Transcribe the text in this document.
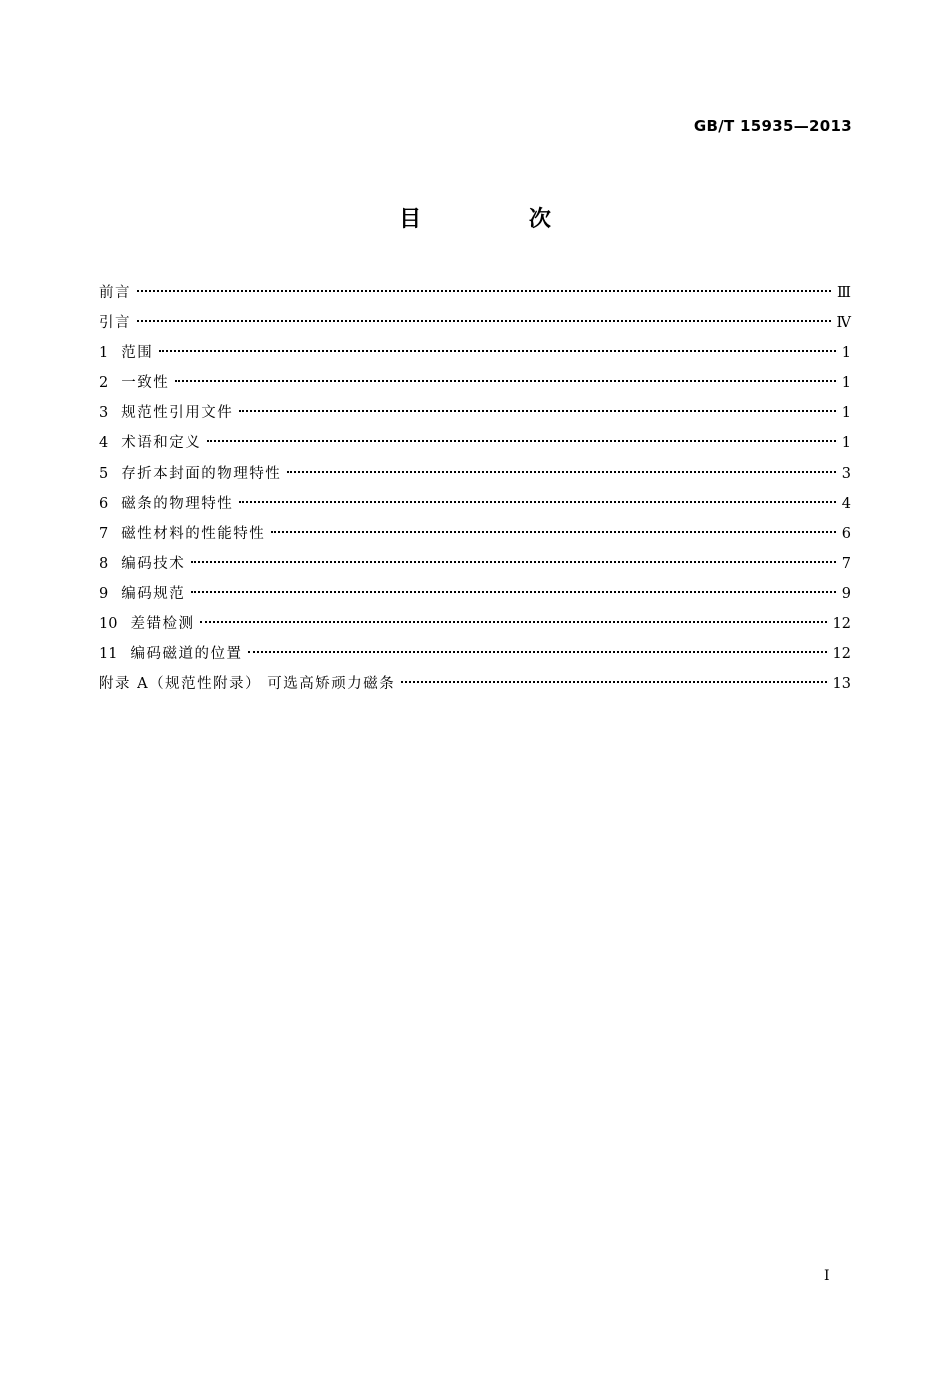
GB/T 15935—2013
目 次
前言	Ⅲ
引言	Ⅳ
1 范围	1
2 一致性	1
3 规范性引用文件	1
4 术语和定义	1
5 存折本封面的物理特性	3
6 磁条的物理特性	4
7 磁性材料的性能特性	6
8 编码技术	7
9 编码规范	9
10 差错检测	12
11 编码磁道的位置	12
附录 A（规范性附录） 可选高矫顽力磁条	13
I
